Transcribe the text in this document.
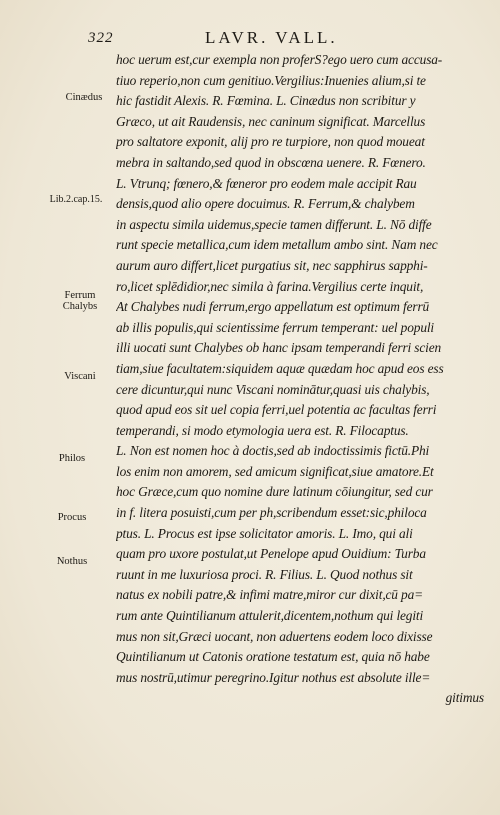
322	LAVR. VALL.
Cinædus
Lib.2.cap.15.
Ferrum
Chalybs
Viscani
Philos
Procus
Nothus
hoc uerum est,cur exempla non proferS?ego uero cum accusa-
tiuo reperio,non cum genitiuo.Vergilius:Inuenies alium,si te
hic fastidit Alexis. R. Fœmina. L. Cinædus non scribitur y
Græco, ut ait Raudensis, nec caninum significat. Marcellus
pro saltatore exponit, alij pro re turpiore, non quod moueat
mebra in saltando,sed quod in obscœna uenere. R. Fœnero.
L. Vtrunq; fœnero,& fœneror pro eodem male accipit Rau
densis,quod alio opere docuimus. R. Ferrum,& chalybem
in aspectu simila uidemus,specie tamen differunt. L. Nō diffe
runt specie metallica,cum idem metallum ambo sint. Nam nec
aurum auro differt,licet purgatius sit, nec sapphirus sapphi-
ro,licet splēdidior,nec simila à farina.Vergilius certe inquit,
At Chalybes nudi ferrum,ergo appellatum est optimum ferrū
ab illis populis,qui scientissime ferrum temperant: uel populi
illi uocati sunt Chalybes ob hanc ipsam temperandi ferri scien
tiam,siue facultatem:siquidem aquæ quædam hoc apud eos ess
cere dicuntur,qui nunc Viscani nominātur,quasi uis chalybis,
quod apud eos sit uel copia ferri,uel potentia ac facultas ferri
temperandi, si modo etymologia uera est. R. Filocaptus.
L. Non est nomen hoc à doctis,sed ab indoctissimis fictū.Phi
los enim non amorem, sed amicum significat,siue amatore.Et
hoc Græce,cum quo nomine dure latinum cōiungitur, sed cur
in f. litera posuisti,cum per ph,scribendum esset:sic,philoca
ptus. L. Procus est ipse solicitator amoris. L. Imo, qui ali
quam pro uxore postulat,ut Penelope apud Ouidium: Turba
ruunt in me luxuriosa proci. R. Filius. L. Quod nothus sit
natus ex nobili patre,& infimi matre,miror cur dixit,cū pa=
rum ante Quintilianum attulerit,dicentem,nothum qui legiti
mus non sit,Græci uocant, non aduertens eodem loco dixisse
Quintilianum ut Catonis oratione testatum est, quia nō habe
mus nostrū,utimur peregrino.Igitur nothus est absolute ille=
gitimus
